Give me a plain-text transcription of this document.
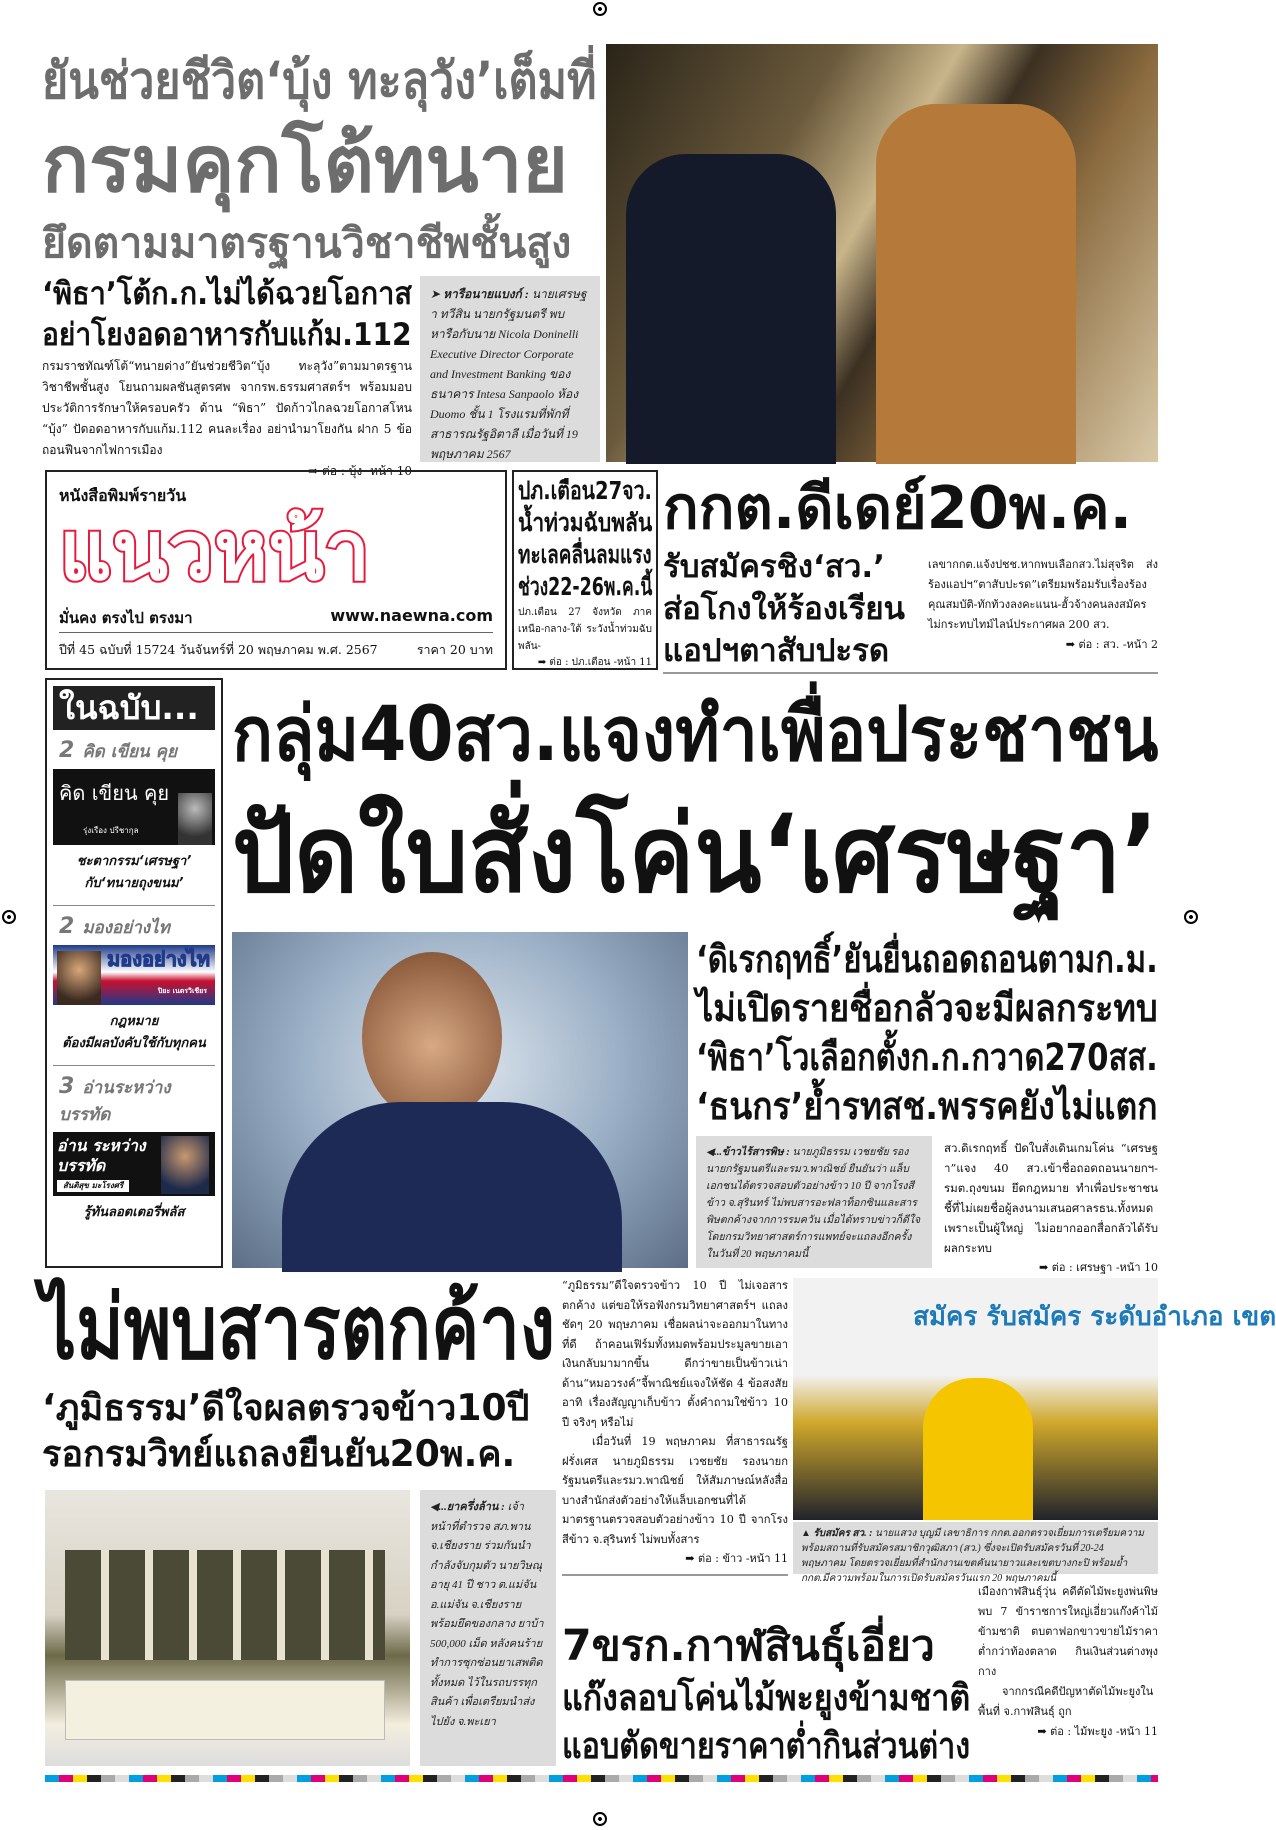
ยันช่วยชีวิต‘บุ้ง ทะลุวัง’เต็มที่
กรมคุกโต้ทนาย
ยึดตามมาตรฐานวิชาชีพชั้นสูง
‘พิธา’โต้ก.ก.ไม่ได้ฉวยโอกาส
อย่าโยงอดอาหารกับแก้ม.112
กรมราชทัณฑ์โต้“ทนายด่าง”ยันช่วยชีวิต“บุ้ง ทะลุวัง”ตามมาตรฐานวิชาชีพชั้นสูง โยนถามผลชันสูตรศพ จากรพ.ธรรมศาสตร์ฯ พร้อมมอบประวัติการรักษาให้ครอบครัว ด้าน “พิธา” ปัดก้าวไกลฉวยโอกาสโหน “บุ้ง” ปัดอดอาหารกับแก้ม.112 คนละเรื่อง อย่านำมาโยงกัน ฝาก 5 ข้อถอนฟืนจากไฟการเมือง
➡ ต่อ : บุ้ง -หน้า 10
➤ หารือนายแบงก์ : นายเศรษฐา ทวีสิน นายกรัฐมนตรี พบหารือกับนาย Nicola Doninelli Executive Director Corporate and Investment Banking ของธนาคาร Intesa Sanpaolo ห้อง Duomo ชั้น 1 โรงแรมที่พักที่สาธารณรัฐอิตาลี เมื่อวันที่ 19 พฤษภาคม 2567
หนังสือพิมพ์รายวัน
แนวหน้า
มั่นคง ตรงไป ตรงมา	www.naewna.com
ปีที่ 45 ฉบับที่ 15724 วันจันทร์ที่ 20 พฤษภาคม พ.ศ. 2567	ราคา 20 บาท
ปภ.เตือน27จว.
น้ำท่วมฉับพลัน
ทะเลคลื่นลมแรง
ช่วง22-26พ.ค.นี้
ปภ.เตือน 27 จังหวัด ภาคเหนือ-กลาง-ใต้ ระวังน้ำท่วมฉับพลัน-
➡ ต่อ : ปภ.เตือน -หน้า 11
กกต.ดีเดย์20พ.ค.
รับสมัครชิง‘สว.’
ส่อโกงให้ร้องเรียน
แอปฯตาสับปะรด
เลขากกต.แจ้งปชช.หากพบเลือกสว.ไม่สุจริต ส่งร้องแอปฯ“ตาสับปะรด”เตรียมพร้อมรับเรื่องร้องคุณสมบัติ-ทักท้วงลงคะแนน-ฮั้วจ้างคนลงสมัคร ไม่กระทบไทม์ไลน์ประกาศผล 200 สว.
➡ ต่อ : สว. -หน้า 2
ในฉบับ...
2 คิด เขียน คุย
คิด เขียน คุย
รุ่งเรือง ปรีชากุล
ชะตากรรม‘เศรษฐา’
กับ‘ทนายถุงขนม’
2 มองอย่างไท
มองอย่างไท
ปิยะ เนตรวิเชียร
กฎหมาย
ต้องมีผลบังคับใช้กับทุกคน
3 อ่านระหว่างบรรทัด
อ่าน ระหว่างบรรทัด
สันติสุข มะโรงศรี
รู้ทันลอตเตอรี่พลัส
กลุ่ม40สว.แจงทำเพื่อประชาชน
ปัดใบสั่งโค่น‘เศรษฐา’
‘ดิเรกฤทธิ์’ยันยื่นถอดถอนตามก.ม.
ไม่เปิดรายชื่อกลัวจะมีผลกระทบ
‘พิธา’โวเลือกตั้งก.ก.กวาด270สส.
‘ธนกร’ย้ำรทสช.พรรคยังไม่แตก
◀...ข้าวไร้สารพิษ : นายภูมิธรรม เวชยชัย รองนายกรัฐมนตรีและรมว.พาณิชย์ ยืนยันว่า แล็บเอกชนได้ตรวจสอบตัวอย่างข้าว 10 ปี จากโรงสีข้าว จ.สุรินทร์ ไม่พบสารอะฟลาท็อกซินและสารพิษตกค้างจากการรมควัน เมื่อได้ทราบข่าวก็ดีใจโดยกรมวิทยาศาสตร์การแพทย์จะแถลงอีกครั้งในวันที่ 20 พฤษภาคมนี้
สว.ดิเรกฤทธิ์ ปัดใบสั่งเดินเกมโค่น “เศรษฐา”แจง 40 สว.เข้าชื่อถอดถอนนายกฯ-รมต.ถุงขนม ยึดกฎหมาย ทำเพื่อประชาชน ชี้ที่ไม่เผยชื่อผู้ลงนามเสนอศาลรธน.ทั้งหมด เพราะเป็นผู้ใหญ่ ไม่อยากออกสื่อกลัวได้รับผลกระทบ
➡ ต่อ : เศรษฐา -หน้า 10
ไม่พบสารตกค้าง
‘ภูมิธรรม’ดีใจผลตรวจข้าว10ปี
รอกรมวิทย์แถลงยืนยัน20พ.ค.

“ภูมิธรรม”ดีใจตรวจข้าว 10 ปี ไม่เจอสารตกค้าง แต่ขอให้รอฟังกรมวิทยาศาสตร์ฯ แถลงชัดๆ 20 พฤษภาคม เชื่อผลน่าจะออกมาในทางที่ดี ถ้าคอนเฟิร์มทั้งหมดพร้อมประมูลขายเอาเงินกลับมามากขึ้น ดีกว่าขายเป็นข้าวเน่า ด้าน“หมอวรงค์”จี้พาณิชย์แจงให้ชัด 4 ข้อสงสัย อาทิ เรื่องสัญญาเก็บข้าว ตั้งคำถามใช่ข้าว 10 ปี จริงๆ หรือไม่

เมื่อวันที่ 19 พฤษภาคม ที่สาธารณรัฐฝรั่งเศส นายภูมิธรรม เวชยชัย รองนายกรัฐมนตรีและรมว.พาณิชย์ ให้สัมภาษณ์หลังสื่อบางสำนักส่งตัวอย่างให้แล็บเอกชนที่ได้มาตรฐานตรวจสอบตัวอย่างข้าว 10 ปี จากโรงสีข้าว จ.สุรินทร์ ไม่พบทั้งสาร

➡ ต่อ : ข้าว -หน้า 11
สมัคร รับสมัคร ระดับอำเภอ เขต
▲ รับสมัคร สว. : นายแสวง บุญมี เลขาธิการ กกต.ออกตรวจเยี่ยมการเตรียมความพร้อมสถานที่รับสมัครสมาชิกวุฒิสภา (สว.) ซึ่งจะเปิดรับสมัครวันที่ 20-24 พฤษภาคม โดยตรวจเยี่ยมที่สำนักงานเขตคันนายาวและเขตบางกะปิ พร้อมย้ำกกต.มีความพร้อมในการเปิดรับสมัครวันแรก 20 พฤษภาคมนี้
◀...ยาครึ่งล้าน : เจ้าหน้าที่ตำรวจ สภ.พาน จ.เชียงราย ร่วมกันนำกำลังจับกุมตัว นายวิษณุ อายุ 41 ปี ชาว ต.แม่จัน อ.แม่จัน จ.เชียงราย พร้อมยึดของกลาง ยาบ้า 500,000 เม็ด หลังคนร้ายทำการซุกซ่อนยาเสพติดทั้งหมด ไว้ในรถบรรทุกสินค้า เพื่อเตรียมนำส่งไปยัง จ.พะเยา
7ขรก.กาฬสินธุ์เอี่ยว
แก๊งลอบโค่นไม้พะยูงข้ามชาติ
แอบตัดขายราคาต่ำกินส่วนต่าง

เมืองกาฬสินธุ์วุ่น คดีตัดไม้พะยูงพ่นพิษ พบ 7 ข้าราชการใหญ่เอี่ยวแก๊งค้าไม้ข้ามชาติ ตบตาฟอกขาวขายไม้ราคาต่ำกว่าท้องตลาด กินเงินส่วนต่างพุงกาง

จากกรณีคดีปัญหาตัดไม้พะยูงในพื้นที่ จ.กาฬสินธุ์ ถูก

➡ ต่อ : ไม้พะยูง -หน้า 11
